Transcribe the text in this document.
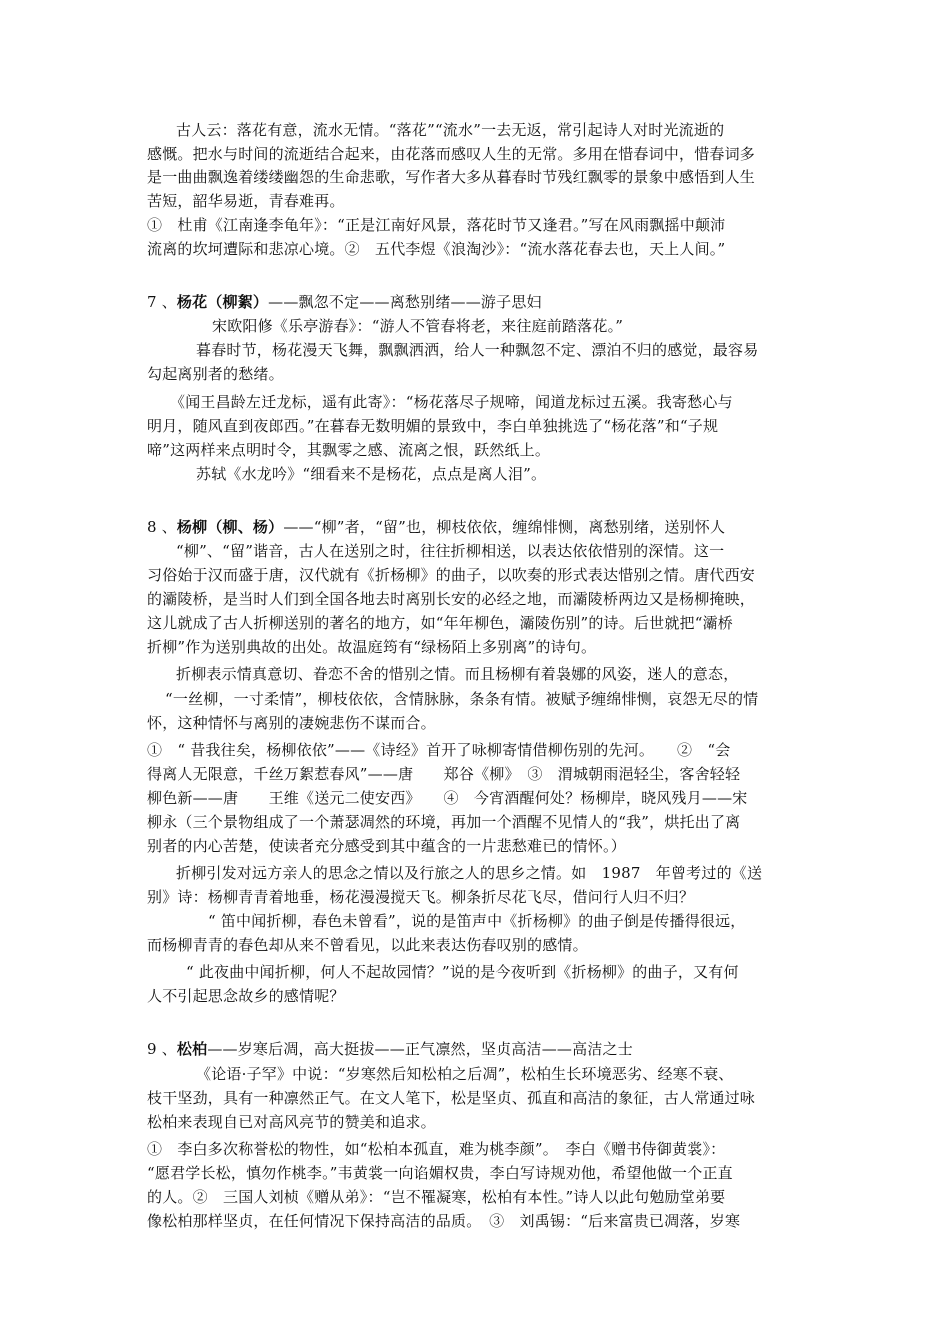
古人云：落花有意，流水无情。“落花”“流水”一去无返，常引起诗人对时光流逝的
感慨。把水与时间的流逝结合起来，由花落而感叹人生的无常。多用在惜春词中，惜春词多
是一曲曲飘逸着缕缕幽怨的生命悲歌，写作者大多从暮春时节残红飘零的景象中感悟到人生
苦短，韶华易逝，青春难再。
①　杜甫《江南逢李龟年》：“正是江南好风景，落花时节又逢君。”写在风雨飘摇中颠沛
流离的坎坷遭际和悲凉心境。②　五代李煜《浪淘沙》：“流水落花春去也，天上人间。”
7 、杨花（柳絮）——飘忽不定——离愁别绪——游子思妇
宋欧阳修《乐亭游春》：“游人不管春将老，来往庭前踏落花。”
暮春时节，杨花漫天飞舞，飘飘洒洒，给人一种飘忽不定、漂泊不归的感觉，最容易
勾起离别者的愁绪。
《闻王昌龄左迁龙标，遥有此寄》：“杨花落尽子规啼，闻道龙标过五溪。我寄愁心与
明月，随风直到夜郎西。”在暮春无数明媚的景致中，李白单独挑选了“杨花落”和“子规
啼”这两样来点明时令，其飘零之感、流离之恨，跃然纸上。
苏轼《水龙吟》“细看来不是杨花，点点是离人泪”。
8 、杨柳（柳、杨）——“柳”者，“留”也，柳枝依依，缠绵悱恻，离愁别绪，送别怀人
“柳”、“留”谐音，古人在送别之时，往往折柳相送，以表达依依惜别的深情。这一
习俗始于汉而盛于唐，汉代就有《折杨柳》的曲子，以吹奏的形式表达惜别之情。唐代西安
的灞陵桥，是当时人们到全国各地去时离别长安的必经之地，而灞陵桥两边又是杨柳掩映，
这儿就成了古人折柳送别的著名的地方，如“年年柳色，灞陵伤别”的诗。后世就把“灞桥
折柳”作为送别典故的出处。故温庭筠有“绿杨陌上多别离”的诗句。
折柳表示情真意切、眷恋不舍的惜别之情。而且杨柳有着袅娜的风姿，迷人的意态，
“一丝柳，一寸柔情”，柳枝依依，含情脉脉，条条有情。被赋予缠绵悱恻，哀怨无尽的情
怀，这种情怀与离别的凄婉悲伤不谋而合。
①　“ 昔我往矣，杨柳依依”——《诗经》首开了咏柳寄情借柳伤别的先河。　　②　“会
得离人无限意，千丝万絮惹春风”——唐　　郑谷《柳》　③　渭城朝雨浥轻尘，客舍轻轻
柳色新——唐　　王维《送元二使安西》　　④　今宵酒醒何处？杨柳岸，晓风残月——宋
柳永（三个景物组成了一个萧瑟凋然的环境，再加一个酒醒不见情人的“我”，烘托出了离
别者的内心苦楚，使读者充分感受到其中蕴含的一片悲愁难已的情怀。）
折柳引发对远方亲人的思念之情以及行旅之人的思乡之情。如　1987　年曾考过的《送
别》诗：杨柳青青着地垂，杨花漫漫搅天飞。柳条折尽花飞尽，借问行人归不归？
“ 笛中闻折柳，春色未曾看”，说的是笛声中《折杨柳》的曲子倒是传播得很远，
而杨柳青青的春色却从来不曾看见，以此来表达伤春叹别的感情。
“ 此夜曲中闻折柳，何人不起故园情？”说的是今夜听到《折杨柳》的曲子，又有何
人不引起思念故乡的感情呢？
9 、松柏——岁寒后凋，高大挺拔——正气凛然，坚贞高洁——高洁之士
《论语·子罕》中说：“岁寒然后知松柏之后凋”，松柏生长环境恶劣、经寒不衰、
枝干坚劲，具有一种凛然正气。在文人笔下，松是坚贞、孤直和高洁的象征，古人常通过咏
松柏来表现自已对高风亮节的赞美和追求。
①　李白多次称誉松的物性，如“松柏本孤直，难为桃李颜”。　李白《赠书侍御黄裳》：
“愿君学长松，慎勿作桃李。”韦黄裳一向谄媚权贵，李白写诗规劝他，希望他做一个正直
的人。②　三国人刘桢《赠从弟》：“岂不罹凝寒，松柏有本性。”诗人以此句勉励堂弟要
像松柏那样坚贞，在任何情况下保持高洁的品质。　③　刘禹锡：“后来富贵已凋落，岁寒
